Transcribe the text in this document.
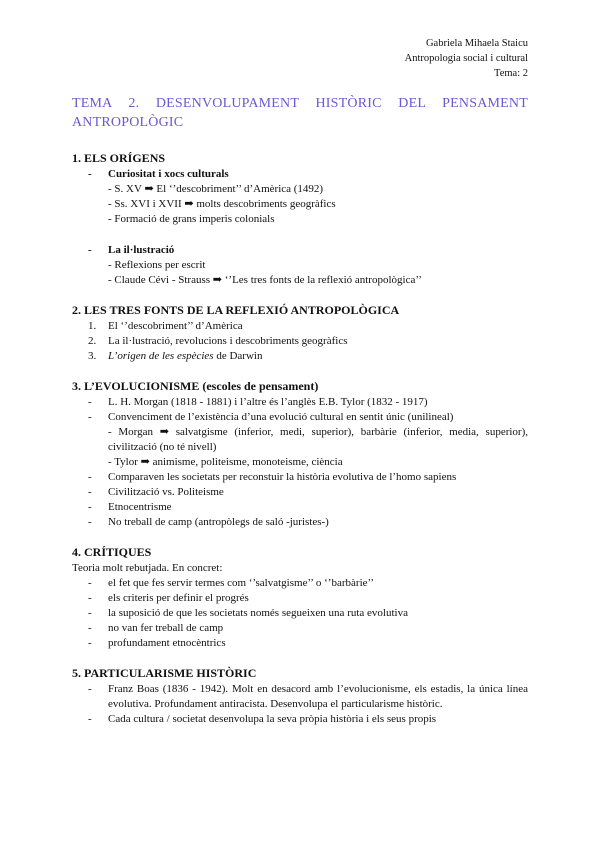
Gabriela Mihaela Staicu
Antropologia social i cultural
Tema: 2
TEMA 2. DESENVOLUPAMENT HISTÒRIC DEL PENSAMENT ANTROPOLÒGIC
1. ELS ORÍGENS
-	Curiositat i xocs culturals
- S. XV ➡ El ‘’descobriment’’ d’Amèrica (1492)
- Ss. XVI i XVII ➡ molts descobriments geogràfics
- Formació de grans imperis colonials
-	La il·lustració
- Reflexions per escrit
- Claude Cévi - Strauss ➡ ‘’Les tres fonts de la reflexió antropològica’’
2. LES TRES FONTS DE LA REFLEXIÓ ANTROPOLÒGICA
1.	El ‘’descobriment’’ d’Amèrica
2.	La il·lustració, revolucions i descobriments geogràfics
3.	L’origen de les espècies de Darwin
3. L’EVOLUCIONISME (escoles de pensament)
-	L. H. Morgan (1818 - 1881) i l’altre és l’anglès E.B. Tylor (1832 - 1917)
-	Convenciment de l’existència d’una evolució cultural en sentit únic (unilineal)
- Morgan ➡ salvatgisme (inferior, medi, superior), barbàrie (inferior, media, superior), civilització (no té nivell)
- Tylor ➡ animisme, politeisme, monoteisme, ciència
-	Comparaven les societats per reconstuir la història evolutiva de l’homo sapiens
-	Civilització vs. Politeisme
-	Etnocentrisme
-	No treball de camp (antropòlegs de saló -juristes-)
4. CRÍTIQUES

Teoria molt rebutjada. En concret:

-	el fet que fes servir termes com ‘’salvatgisme’’ o ‘’barbàrie’’
-	els criteris per definir el progrés
-	la suposició de que les societats només segueixen una ruta evolutiva
-	no van fer treball de camp
-	profundament etnocèntrics
5. PARTICULARISME HISTÒRIC
-	Franz Boas (1836 - 1942). Molt en desacord amb l’evolucionisme, els estadis, la única línea evolutiva. Profundament antiracista. Desenvolupa el particularisme històric.
-	Cada cultura / societat desenvolupa la seva pròpia història i els seus propis
